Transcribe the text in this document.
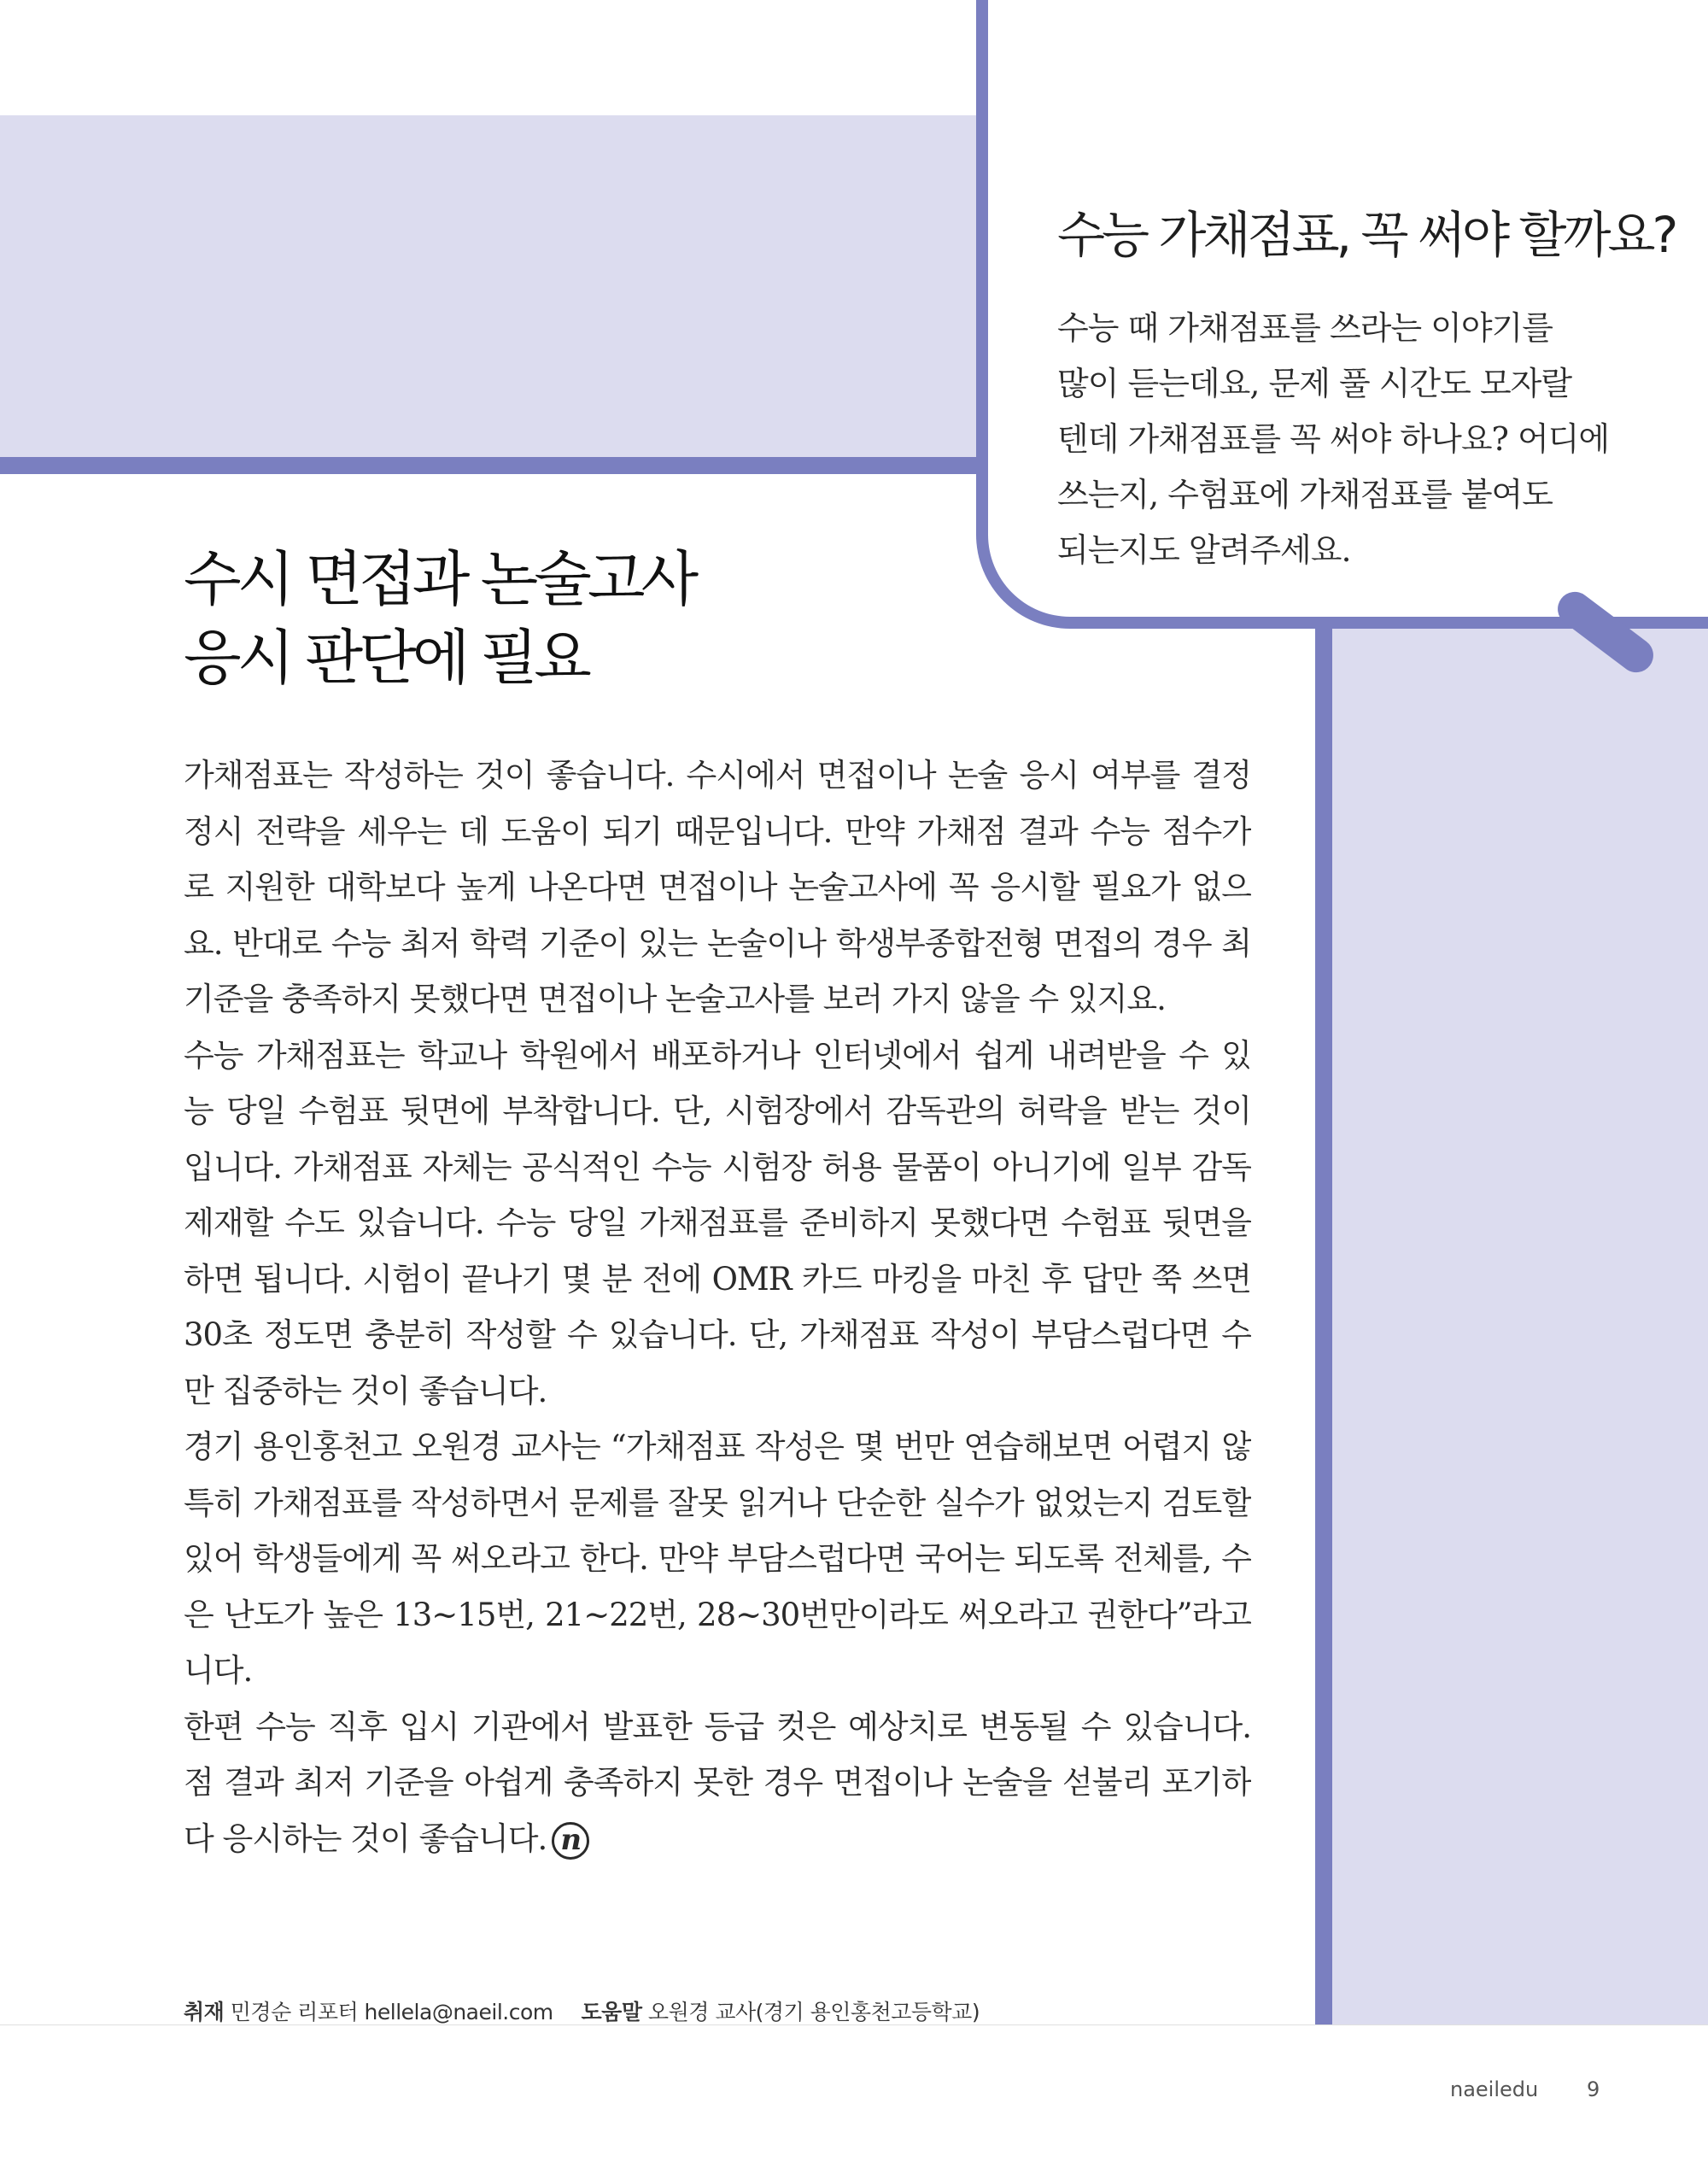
수능 가채점표, 꼭 써야 할까요?
수능 때 가채점표를 쓰라는 이야기를
많이 듣는데요, 문제 풀 시간도 모자랄
텐데 가채점표를 꼭 써야 하나요? 어디에
쓰는지, 수험표에 가채점표를 붙여도
되는지도 알려주세요.
수시 면접과 논술고사
응시 판단에 필요
가채점표는 작성하는 것이 좋습니다. 수시에서 면접이나 논술 응시 여부를 결정
정시 전략을 세우는 데 도움이 되기 때문입니다. 만약 가채점 결과 수능 점수가
로 지원한 대학보다 높게 나온다면 면접이나 논술고사에 꼭 응시할 필요가 없으
요. 반대로 수능 최저 학력 기준이 있는 논술이나 학생부종합전형 면접의 경우 최
기준을 충족하지 못했다면 면접이나 논술고사를 보러 가지 않을 수 있지요.
수능 가채점표는 학교나 학원에서 배포하거나 인터넷에서 쉽게 내려받을 수 있
능 당일 수험표 뒷면에 부착합니다. 단, 시험장에서 감독관의 허락을 받는 것이
입니다. 가채점표 자체는 공식적인 수능 시험장 허용 물품이 아니기에 일부 감독
제재할 수도 있습니다. 수능 당일 가채점표를 준비하지 못했다면 수험표 뒷면을
하면 됩니다. 시험이 끝나기 몇 분 전에 OMR 카드 마킹을 마친 후 답만 쭉 쓰면
30초 정도면 충분히 작성할 수 있습니다. 단, 가채점표 작성이 부담스럽다면 수
만 집중하는 것이 좋습니다.
경기 용인홍천고 오원경 교사는 “가채점표 작성은 몇 번만 연습해보면 어렵지 않
특히 가채점표를 작성하면서 문제를 잘못 읽거나 단순한 실수가 없었는지 검토할
있어 학생들에게 꼭 써오라고 한다. 만약 부담스럽다면 국어는 되도록 전체를, 수
은 난도가 높은 13~15번, 21~22번, 28~30번만이라도 써오라고 권한다”라고
니다.
한편 수능 직후 입시 기관에서 발표한 등급 컷은 예상치로 변동될 수 있습니다.
점 결과 최저 기준을 아쉽게 충족하지 못한 경우 면접이나 논술을 섣불리 포기하
다 응시하는 것이 좋습니다. n
취재 민경순 리포터 hellela@naeil.com 도움말 오원경 교사(경기 용인홍천고등학교)
naeiledu 9
